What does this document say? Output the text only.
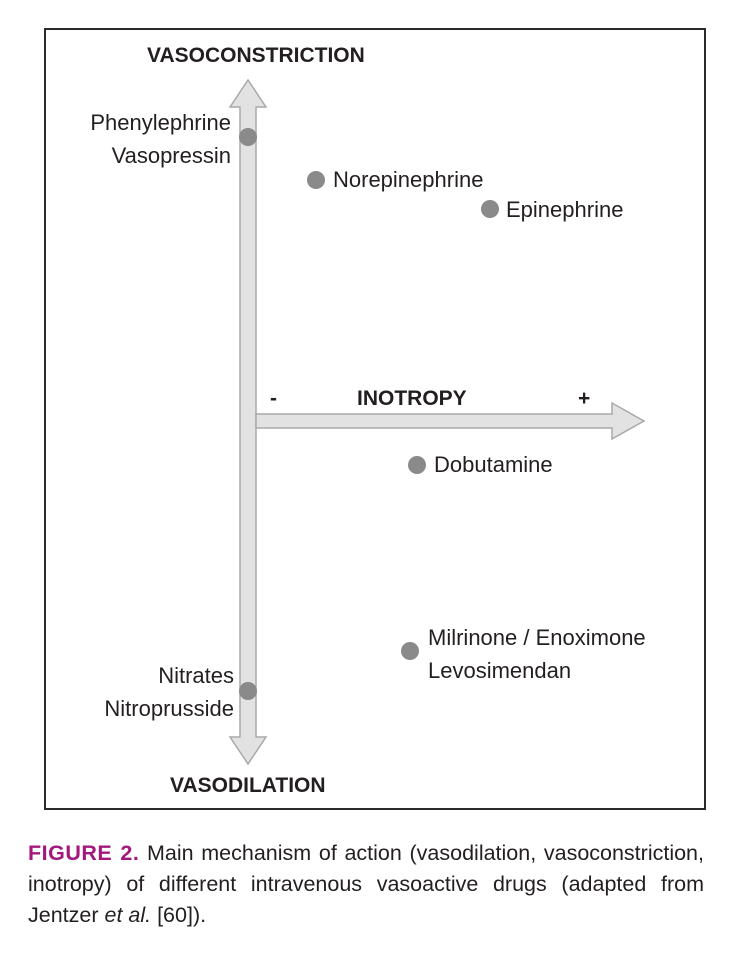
VASOCONSTRICTION
VASODILATION
INOTROPY
-	+
Phenylephrine
Vasopressin
Norepinephrine
Epinephrine
Dobutamine
Milrinone / Enoximone
Levosimendan
Nitrates
Nitroprusside
FIGURE 2. Main mechanism of action (vasodilation, vasoconstriction, inotropy) of different intravenous vasoactive drugs (adapted from Jentzer et al. [60]).
